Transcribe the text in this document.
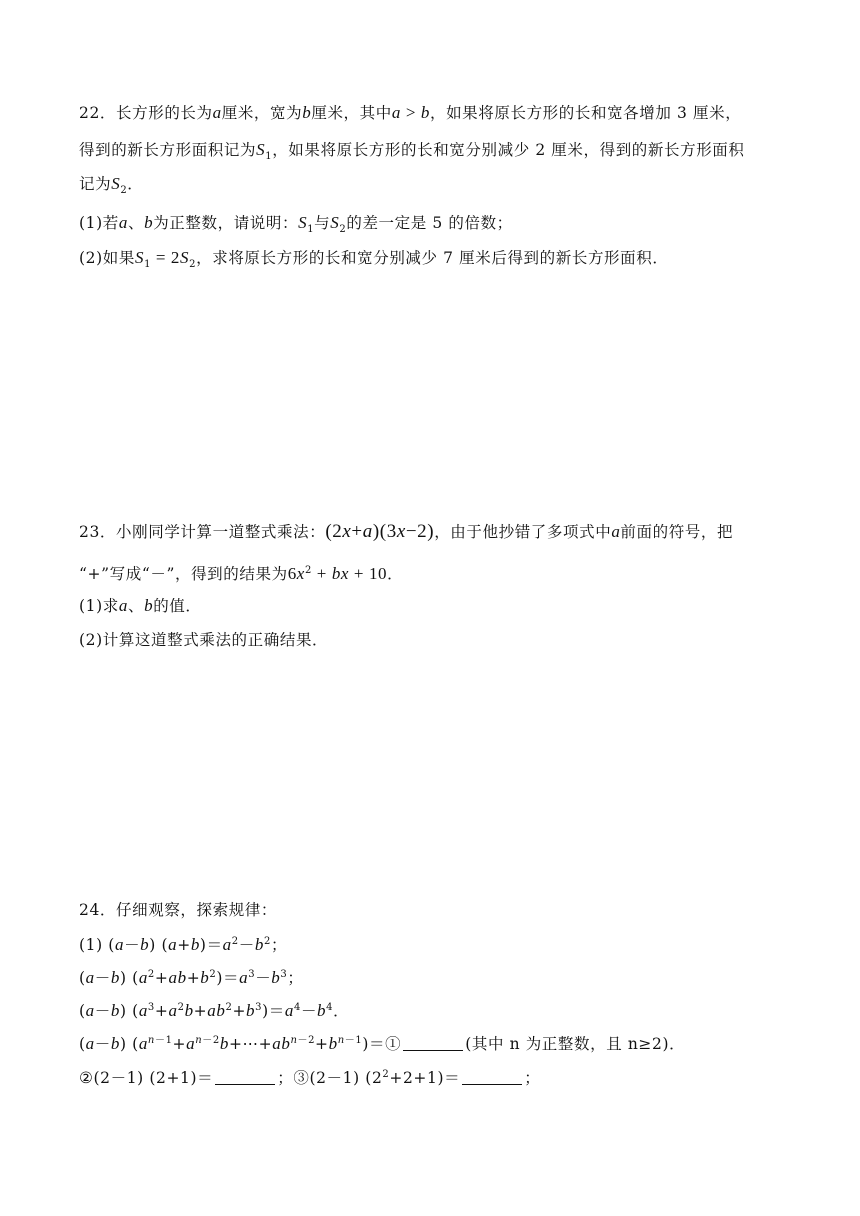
22．长方形的长为a厘米，宽为b厘米，其中a > b，如果将原长方形的长和宽各增加 3 厘米，
得到的新长方形面积记为$S_1$，如果将原长方形的长和宽分别减少 2 厘米，得到的新长方形面积
记为$S_2$．
(1)若a、b为正整数，请说明：$S_1$与$S_2$的差一定是 5 的倍数；
(2)如果$S_1 = 2S_2$，求将原长方形的长和宽分别减少 7 厘米后得到的新长方形面积．
23．小刚同学计算一道整式乘法：(2x+a)(3x−2)，由于他抄错了多项式中a前面的符号，把
“+”写成“－”，得到的结果为$6x^2$ + bx + 10．
(1)求a、b的值．
(2)计算这道整式乘法的正确结果．
24．仔细观察，探索规律：
(1) (a－b) $(a+b)=a^2-b^2$；
(a－b) $(a^2+ab+b^2)=a^3-b^3$；
(a－b) $(a^3+a^2b+ab^2+b^3)=a^4-b^4$．
(a－b) $(a^{n-1}+a^{n-2}b+\cdots+ab^{n-2}+b^{n-1})=①$	(其中 n 为正整数，且 n≥2)．
②(2－1) (2+1)＝	；③(2－1) $(2^2+2+1)=$	；
